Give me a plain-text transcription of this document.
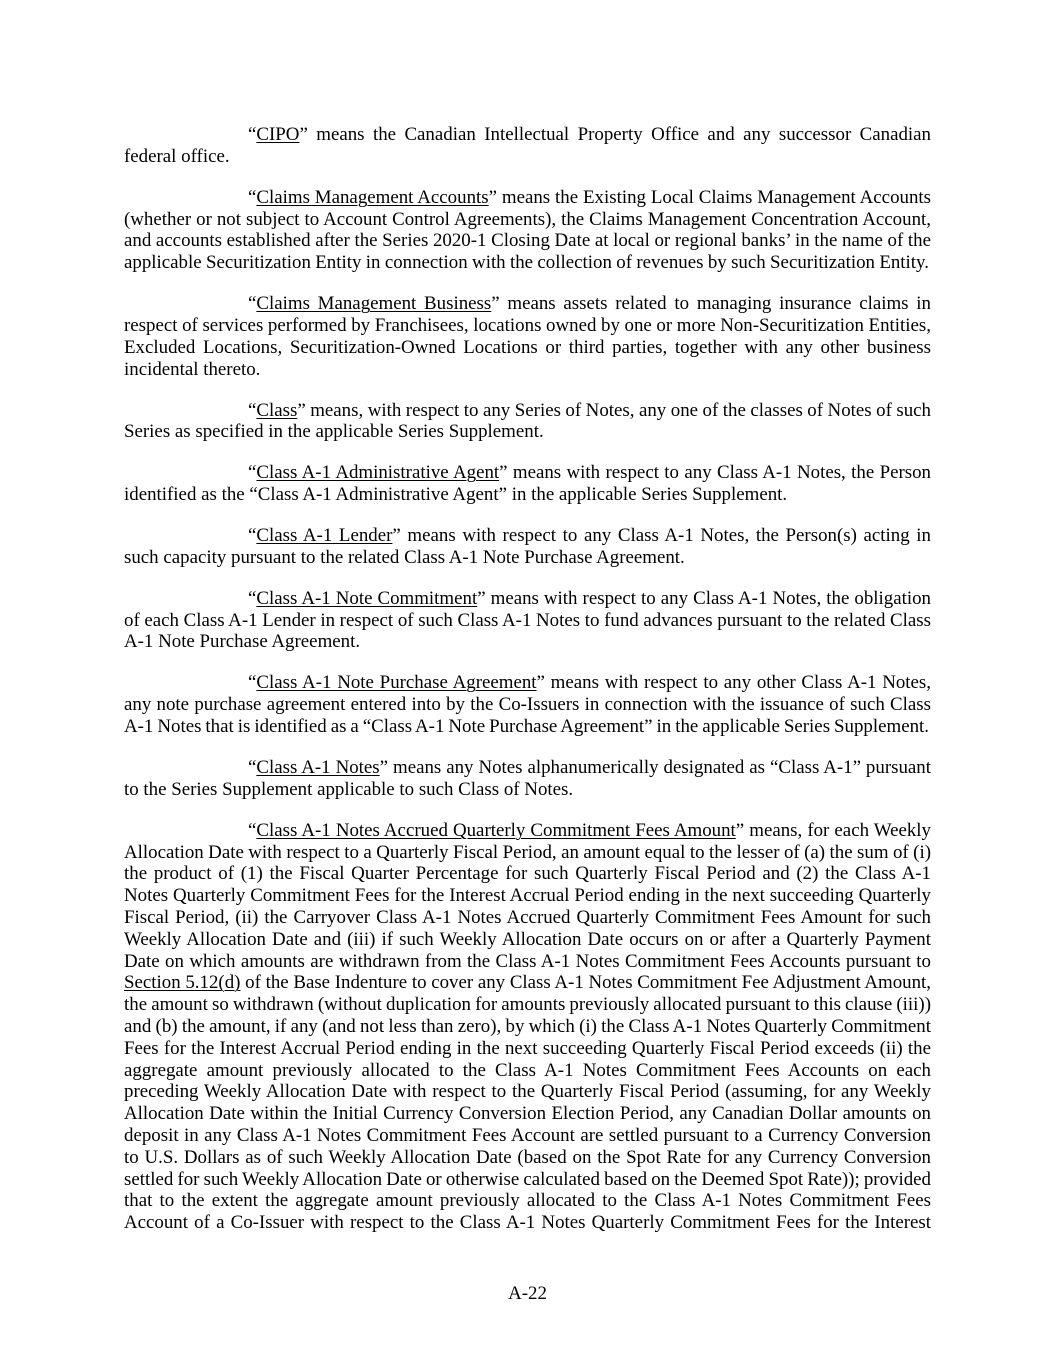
“CIPO” means the Canadian Intellectual Property Office and any successor Canadian
federal office.
“Claims Management Accounts” means the Existing Local Claims Management Accounts
(whether or not subject to Account Control Agreements), the Claims Management Concentration Account,
and accounts established after the Series 2020-1 Closing Date at local or regional banks’ in the name of the
applicable Securitization Entity in connection with the collection of revenues by such Securitization Entity.
“Claims Management Business” means assets related to managing insurance claims in
respect of services performed by Franchisees, locations owned by one or more Non-Securitization Entities,
Excluded Locations, Securitization-Owned Locations or third parties, together with any other business
incidental thereto.
“Class” means, with respect to any Series of Notes, any one of the classes of Notes of such
Series as specified in the applicable Series Supplement.
“Class A-1 Administrative Agent” means with respect to any Class A-1 Notes, the Person
identified as the “Class A-1 Administrative Agent” in the applicable Series Supplement.
“Class A-1 Lender” means with respect to any Class A-1 Notes, the Person(s) acting in
such capacity pursuant to the related Class A-1 Note Purchase Agreement.
“Class A-1 Note Commitment” means with respect to any Class A-1 Notes, the obligation
of each Class A-1 Lender in respect of such Class A-1 Notes to fund advances pursuant to the related Class
A-1 Note Purchase Agreement.
“Class A-1 Note Purchase Agreement” means with respect to any other Class A-1 Notes,
any note purchase agreement entered into by the Co-Issuers in connection with the issuance of such Class
A-1 Notes that is identified as a “Class A-1 Note Purchase Agreement” in the applicable Series Supplement.
“Class A-1 Notes” means any Notes alphanumerically designated as “Class A-1” pursuant
to the Series Supplement applicable to such Class of Notes.
“Class A-1 Notes Accrued Quarterly Commitment Fees Amount” means, for each Weekly
Allocation Date with respect to a Quarterly Fiscal Period, an amount equal to the lesser of (a) the sum of (i)
the product of (1) the Fiscal Quarter Percentage for such Quarterly Fiscal Period and (2) the Class A-1
Notes Quarterly Commitment Fees for the Interest Accrual Period ending in the next succeeding Quarterly
Fiscal Period, (ii) the Carryover Class A-1 Notes Accrued Quarterly Commitment Fees Amount for such
Weekly Allocation Date and (iii) if such Weekly Allocation Date occurs on or after a Quarterly Payment
Date on which amounts are withdrawn from the Class A-1 Notes Commitment Fees Accounts pursuant to
Section 5.12(d) of the Base Indenture to cover any Class A-1 Notes Commitment Fee Adjustment Amount,
the amount so withdrawn (without duplication for amounts previously allocated pursuant to this clause (iii))
and (b) the amount, if any (and not less than zero), by which (i) the Class A-1 Notes Quarterly Commitment
Fees for the Interest Accrual Period ending in the next succeeding Quarterly Fiscal Period exceeds (ii) the
aggregate amount previously allocated to the Class A-1 Notes Commitment Fees Accounts on each
preceding Weekly Allocation Date with respect to the Quarterly Fiscal Period (assuming, for any Weekly
Allocation Date within the Initial Currency Conversion Election Period, any Canadian Dollar amounts on
deposit in any Class A-1 Notes Commitment Fees Account are settled pursuant to a Currency Conversion
to U.S. Dollars as of such Weekly Allocation Date (based on the Spot Rate for any Currency Conversion
settled for such Weekly Allocation Date or otherwise calculated based on the Deemed Spot Rate)); provided
that to the extent the aggregate amount previously allocated to the Class A-1 Notes Commitment Fees
Account of a Co-Issuer with respect to the Class A-1 Notes Quarterly Commitment Fees for the Interest
A-22
